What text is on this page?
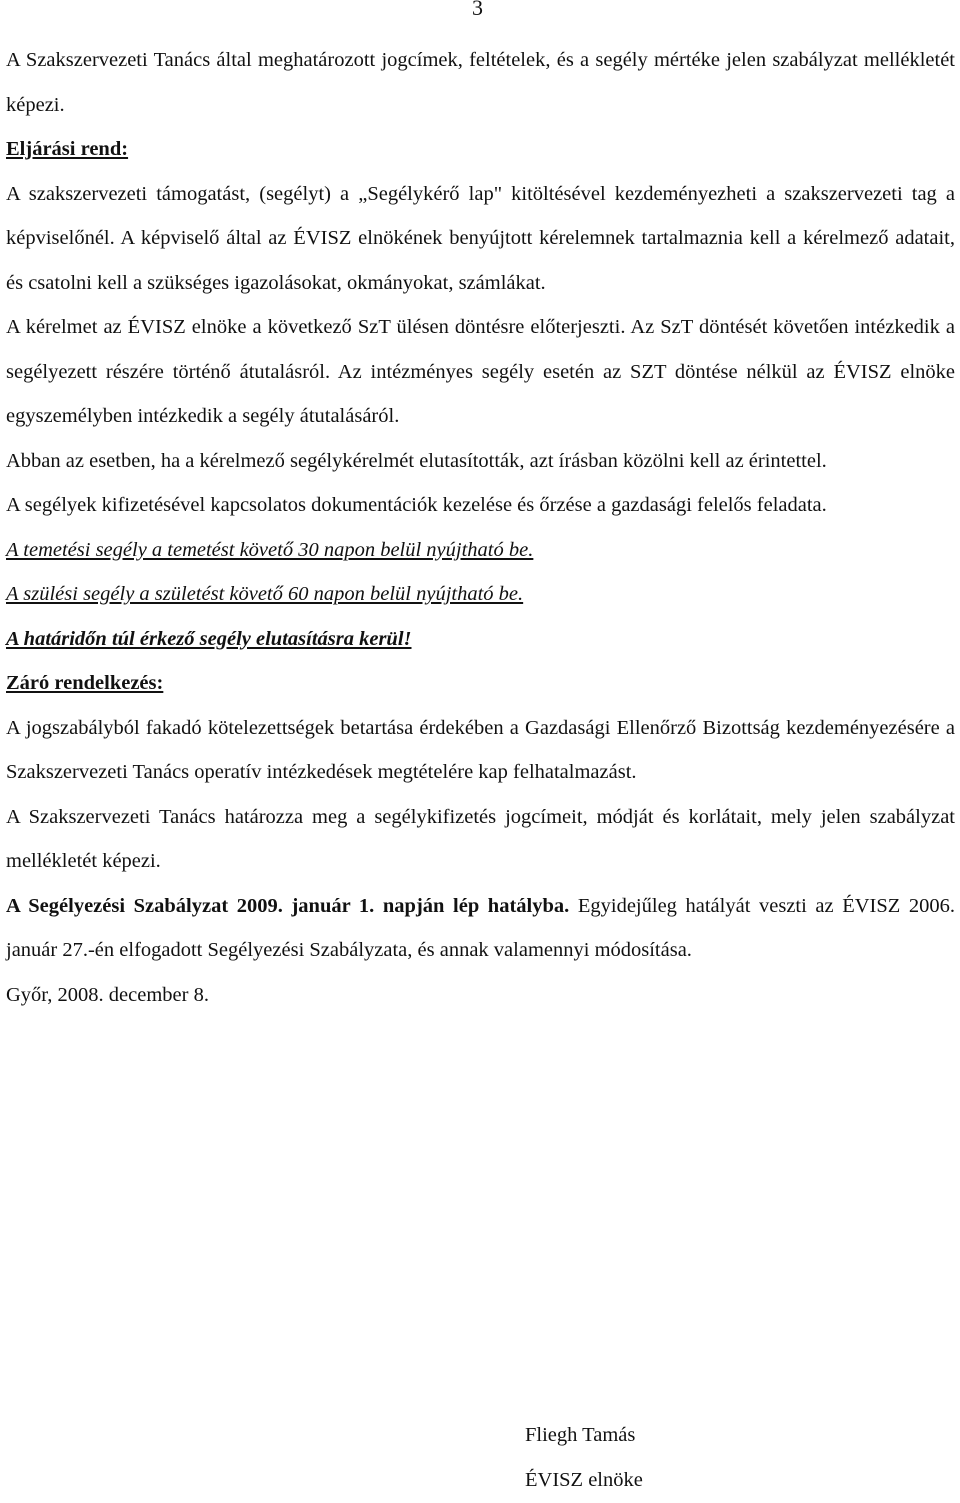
3

A Szakszervezeti Tanács által meghatározott jogcímek, feltételek, és a segély mértéke jelen szabályzat mellékletét képezi.

Eljárási rend:

A szakszervezeti támogatást, (segélyt) a „Segélykérő lap" kitöltésével kezdeményezheti a szakszervezeti tag a képviselőnél. A képviselő által az ÉVISZ elnökének benyújtott kérelemnek tartalmaznia kell a kérelmező adatait, és csatolni kell a szükséges igazolásokat, okmányokat, számlákat.

A kérelmet az ÉVISZ elnöke a következő SzT ülésen döntésre előterjeszti. Az SzT döntését követően intézkedik a segélyezett részére történő átutalásról. Az intézményes segély esetén az SZT döntése nélkül az ÉVISZ elnöke egyszemélyben intézkedik a segély átutalásáról.

Abban az esetben, ha a kérelmező segélykérelmét elutasították, azt írásban közölni kell az érintettel.

A segélyek kifizetésével kapcsolatos dokumentációk kezelése és őrzése a gazdasági felelős feladata.

A temetési segély a temetést követő 30 napon belül nyújtható be.

A szülési segély a születést követő 60 napon belül nyújtható be.

A határidőn túl érkező segély elutasításra kerül!

Záró rendelkezés:

A jogszabályból fakadó kötelezettségek betartása érdekében a Gazdasági Ellenőrző Bizottság kezdeményezésére a Szakszervezeti Tanács operatív intézkedések megtételére kap felhatalmazást.

A Szakszervezeti Tanács határozza meg a segélykifizetés jogcímeit, módját és korlátait, mely jelen szabályzat mellékletét képezi.

A Segélyezési Szabályzat 2009. január 1. napján lép hatályba. Egyidejűleg hatályát veszti az ÉVISZ 2006. január 27.-én elfogadott Segélyezési Szabályzata, és annak valamennyi módosítása.

Győr, 2008. december 8.

Fliegh Tamás
ÉVISZ elnöke
